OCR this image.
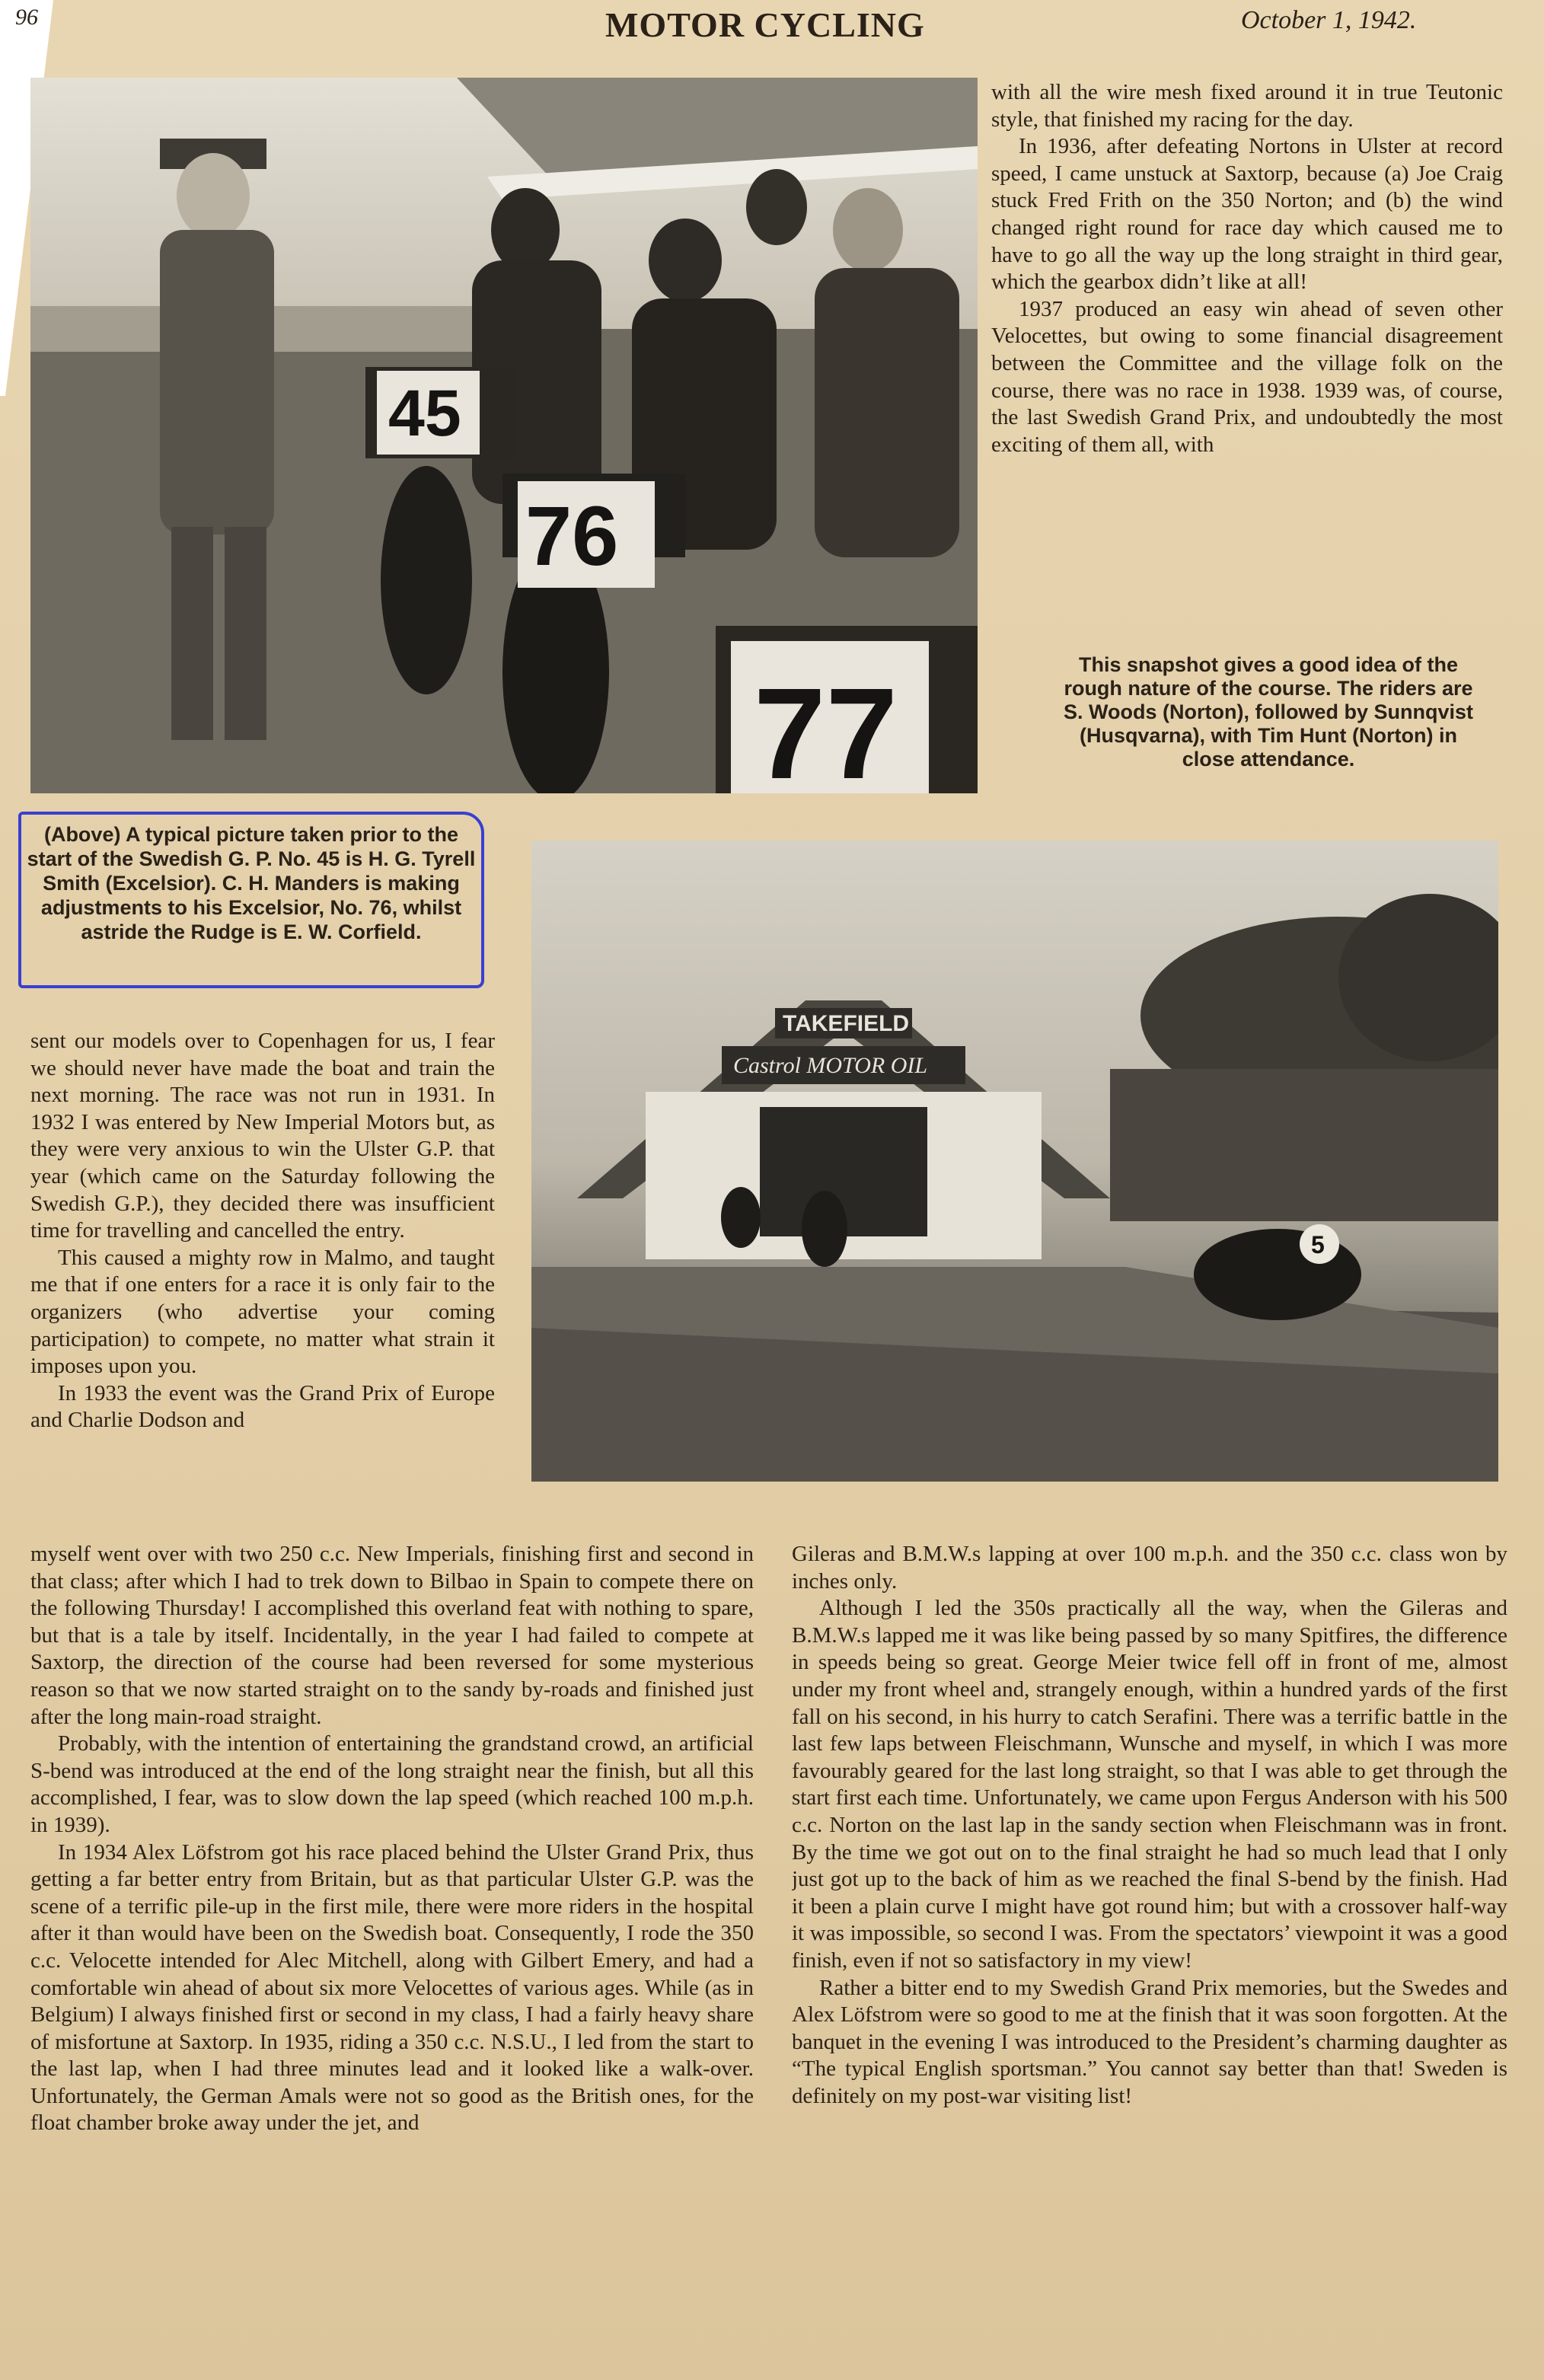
96	MOTOR CYCLING	October 1, 1942.
45
76
77

with all the wire mesh fixed around it in true Teutonic style, that finished my racing for the day.

In 1936, after defeating Nortons in Ulster at record speed, I came unstuck at Saxtorp, because (a) Joe Craig stuck Fred Frith on the 350 Norton; and (b) the wind changed right round for race day which caused me to have to go all the way up the long straight in third gear, which the gearbox didn’t like at all!

1937 produced an easy win ahead of seven other Velocettes, but owing to some financial disagreement between the Committee and the village folk on the course, there was no race in 1938. 1939 was, of course, the last Swedish Grand Prix, and undoubtedly the most exciting of them all, with

This snapshot gives a good idea of the rough nature of the course. The riders are S. Woods (Norton), followed by Sunnqvist (Husqvarna), with Tim Hunt (Norton) in close attendance.
(Above) A typical picture taken prior to the start of the Swedish G. P. No. 45 is H. G. Tyrell Smith (Excelsior). C. H. Manders is making adjustments to his Excelsior, No. 76, whilst astride the Rudge is E. W. Corfield.
TAKEFIELD
Castrol MOTOR OIL
5

sent our models over to Copenhagen for us, I fear we should never have made the boat and train the next morning. The race was not run in 1931. In 1932 I was entered by New Imperial Motors but, as they were very anxious to win the Ulster G.P. that year (which came on the Saturday following the Swedish G.P.), they decided there was insufficient time for travelling and cancelled the entry.

This caused a mighty row in Malmo, and taught me that if one enters for a race it is only fair to the organizers (who advertise your coming participation) to compete, no matter what strain it imposes upon you.

In 1933 the event was the Grand Prix of Europe and Charlie Dodson and

myself went over with two 250 c.c. New Imperials, finishing first and second in that class; after which I had to trek down to Bilbao in Spain to compete there on the following Thursday! I accomplished this overland feat with nothing to spare, but that is a tale by itself. Incidentally, in the year I had failed to compete at Saxtorp, the direction of the course had been reversed for some mysterious reason so that we now started straight on to the sandy by-roads and finished just after the long main-road straight.

Probably, with the intention of entertaining the grandstand crowd, an artificial S-bend was introduced at the end of the long straight near the finish, but all this accomplished, I fear, was to slow down the lap speed (which reached 100 m.p.h. in 1939).

In 1934 Alex Löfstrom got his race placed behind the Ulster Grand Prix, thus getting a far better entry from Britain, but as that particular Ulster G.P. was the scene of a terrific pile-up in the first mile, there were more riders in the hospital after it than would have been on the Swedish boat. Consequently, I rode the 350 c.c. Velocette intended for Alec Mitchell, along with Gilbert Emery, and had a comfortable win ahead of about six more Velocettes of various ages. While (as in Belgium) I always finished first or second in my class, I had a fairly heavy share of misfortune at Saxtorp. In 1935, riding a 350 c.c. N.S.U., I led from the start to the last lap, when I had three minutes lead and it looked like a walk-over. Unfortunately, the German Amals were not so good as the British ones, for the float chamber broke away under the jet, and

Gileras and B.M.W.s lapping at over 100 m.p.h. and the 350 c.c. class won by inches only.

Although I led the 350s practically all the way, when the Gileras and B.M.W.s lapped me it was like being passed by so many Spitfires, the difference in speeds being so great. George Meier twice fell off in front of me, almost under my front wheel and, strangely enough, within a hundred yards of the first fall on his second, in his hurry to catch Serafini. There was a terrific battle in the last few laps between Fleischmann, Wunsche and myself, in which I was more favourably geared for the last long straight, so that I was able to get through the start first each time. Unfortunately, we came upon Fergus Anderson with his 500 c.c. Norton on the last lap in the sandy section when Fleischmann was in front. By the time we got out on to the final straight he had so much lead that I only just got up to the back of him as we reached the final S-bend by the finish. Had it been a plain curve I might have got round him; but with a crossover half-way it was impossible, so second I was. From the spectators’ viewpoint it was a good finish, even if not so satisfactory in my view!

Rather a bitter end to my Swedish Grand Prix memories, but the Swedes and Alex Löfstrom were so good to me at the finish that it was soon forgotten. At the banquet in the evening I was introduced to the President’s charming daughter as “The typical English sportsman.” You cannot say better than that! Sweden is definitely on my post-war visiting list!
